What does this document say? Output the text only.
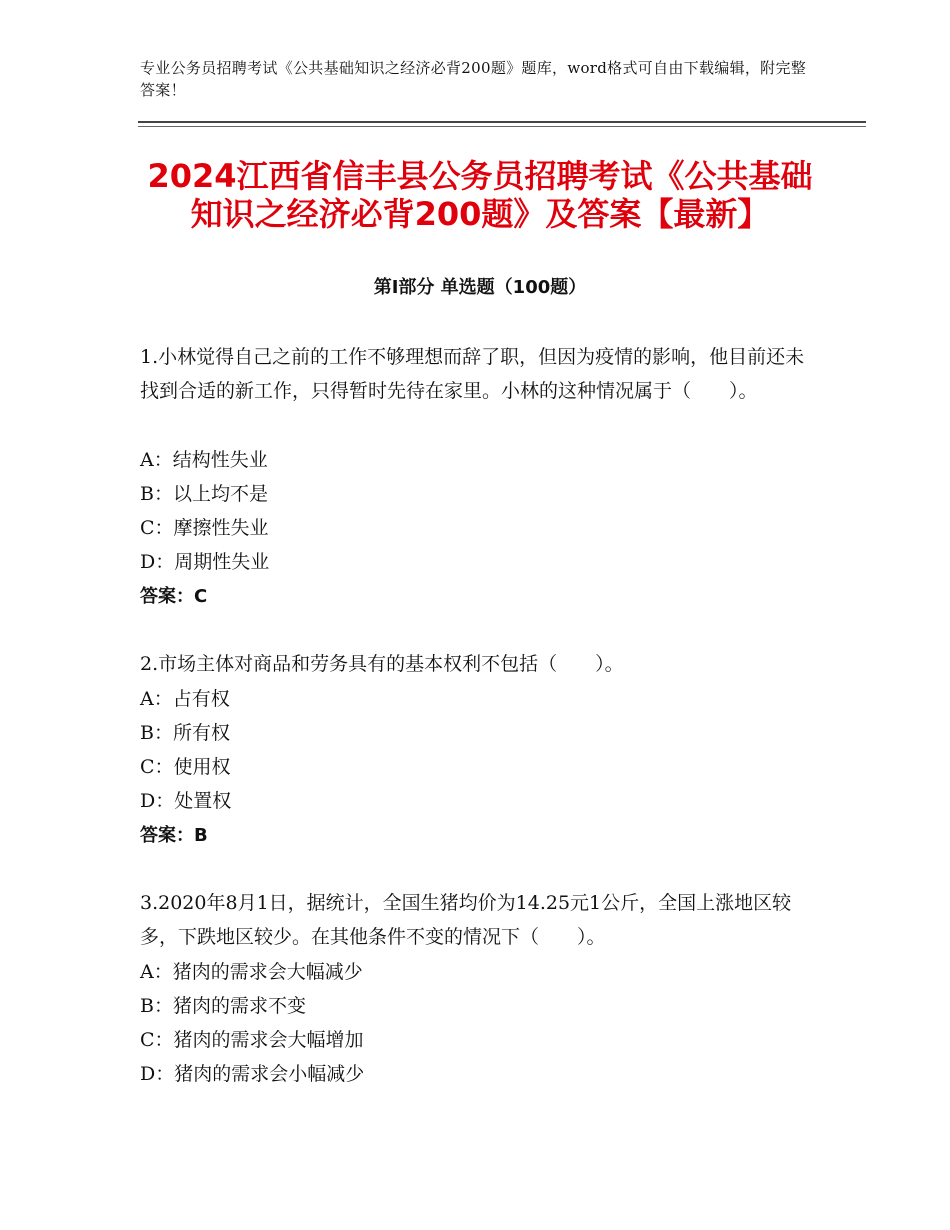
专业公务员招聘考试《公共基础知识之经济必背200题》题库，word格式可自由下载编辑，附完整答案！
2024江西省信丰县公务员招聘考试《公共基础知识之经济必背200题》及答案【最新】
第Ⅰ部分 单选题（100题）
1.小林觉得自己之前的工作不够理想而辞了职，但因为疫情的影响，他目前还未找到合适的新工作，只得暂时先待在家里。小林的这种情况属于（　　）。
A：结构性失业
B：以上均不是
C：摩擦性失业
D：周期性失业
答案：C
2.市场主体对商品和劳务具有的基本权利不包括（　　）。
A：占有权
B：所有权
C：使用权
D：处置权
答案：B
3.2020年8月1日，据统计，全国生猪均价为14.25元1公斤，全国上涨地区较多，下跌地区较少。在其他条件不变的情况下（　　）。
A：猪肉的需求会大幅减少
B：猪肉的需求不变
C：猪肉的需求会大幅增加
D：猪肉的需求会小幅减少
